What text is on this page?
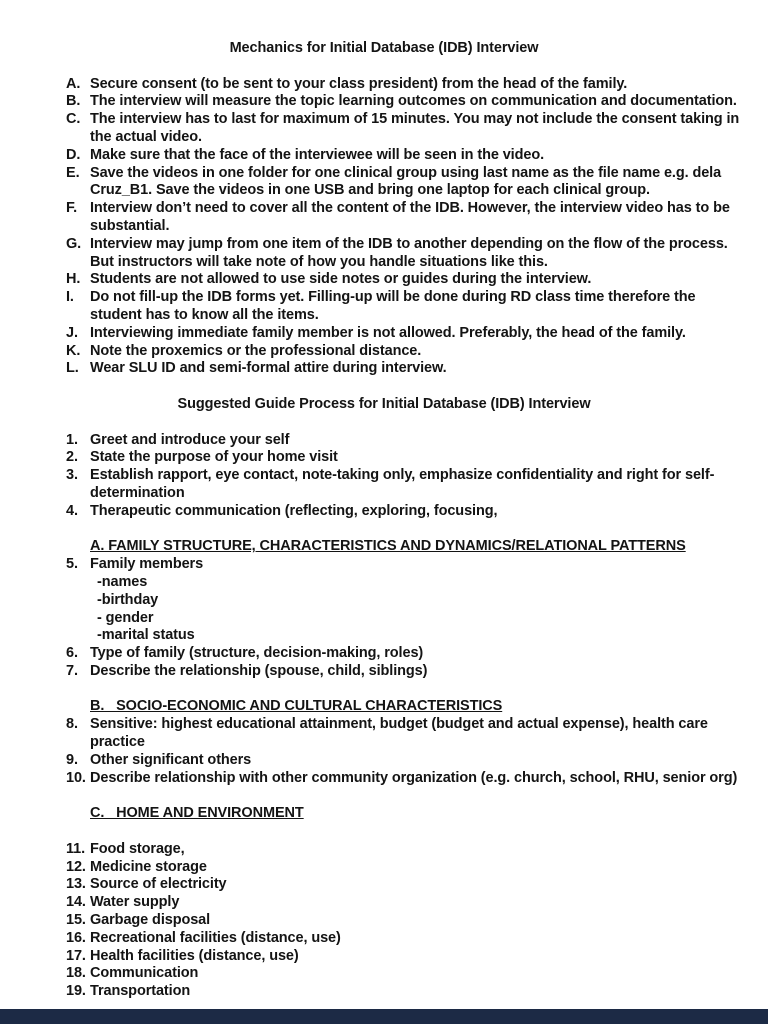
Mechanics for Initial Database (IDB) Interview
A. Secure consent (to be sent to your class president) from the head of the family.
B. The interview will measure the topic learning outcomes on communication and documentation.
C. The interview has to last for maximum of 15 minutes. You may not include the consent taking in the actual video.
D. Make sure that the face of the interviewee will be seen in the video.
E. Save the videos in one folder for one clinical group using last name as the file name e.g. dela Cruz_B1. Save the videos in one USB and bring one laptop for each clinical group.
F. Interview don’t need to cover all the content of the IDB. However, the interview video has to be substantial.
G. Interview may jump from one item of the IDB to another depending on the flow of the process. But instructors will take note of how you handle situations like this.
H. Students are not allowed to use side notes or guides during the interview.
I.	Do not fill-up the IDB forms yet. Filling-up will be done during RD class time therefore the student has to know all the items.
J. Interviewing immediate family member is not allowed. Preferably, the head of the family.
K. Note the proxemics or the professional distance.
L. Wear SLU ID and semi-formal attire during interview.
Suggested Guide Process for Initial Database (IDB) Interview
1. Greet and introduce your self
2. State the purpose of your home visit
3. Establish rapport, eye contact, note-taking only, emphasize confidentiality and right for self-determination
4. Therapeutic communication (reflecting, exploring, focusing,
A. FAMILY STRUCTURE, CHARACTERISTICS AND DYNAMICS/RELATIONAL PATTERNS
5. Family members
-names
-birthday
- gender
-marital status
6. Type of family (structure, decision-making, roles)
7. Describe the relationship (spouse, child, siblings)
B.   SOCIO-ECONOMIC AND CULTURAL CHARACTERISTICS
8. Sensitive: highest educational attainment, budget (budget and actual expense), health care practice
9. Other significant others
10. Describe relationship with other community organization (e.g. church, school, RHU, senior org)
C.   HOME AND ENVIRONMENT
11. Food storage,
12. Medicine storage
13. Source of electricity
14. Water supply
15. Garbage disposal
16. Recreational facilities (distance, use)
17. Health facilities (distance, use)
18. Communication
19. Transportation
